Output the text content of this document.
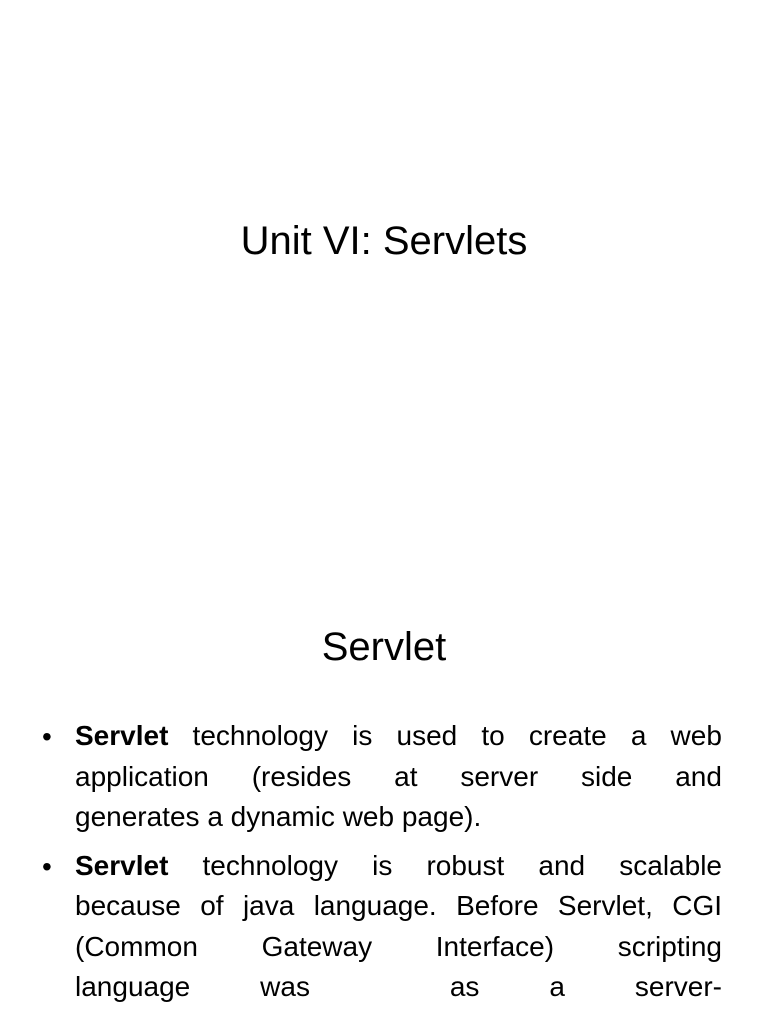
Unit VI: Servlets
Servlet
• Servlet technology is used to create a web
application (resides at server side and
generates a dynamic web page).
• Servlet technology is robust and scalable
because of java language. Before Servlet, CGI
(Common Gateway Interface) scripting
language was	as a server-
